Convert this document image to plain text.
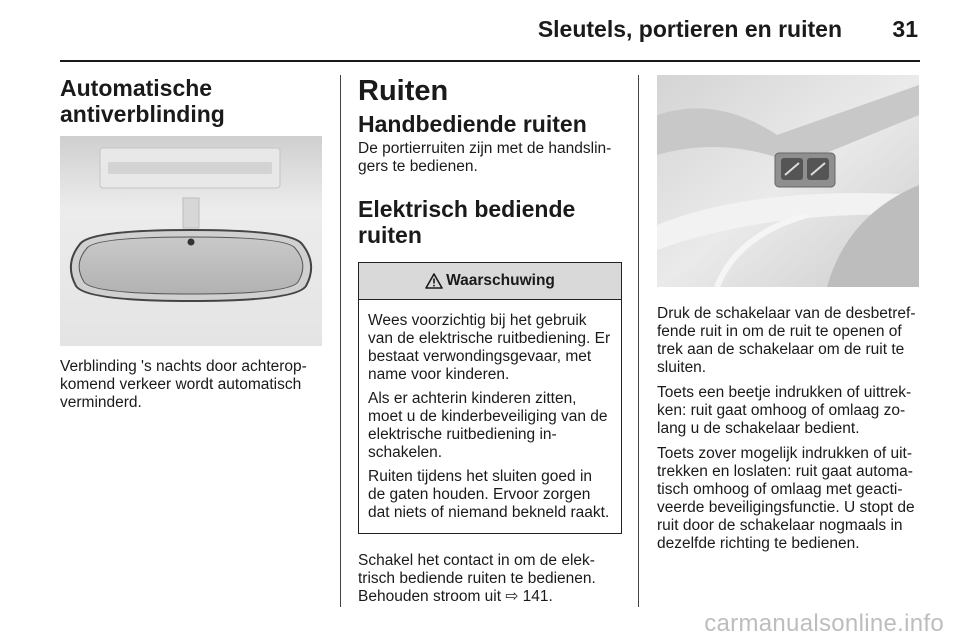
Sleutels, portieren en ruiten 31
Automatische
antiverblinding

Verblinding 's nachts door achterop-komend verkeer wordt automatisch verminderd.

Ruiten
Handbediende ruiten

De portierruiten zijn met de handslin-gers te bedienen.

Elektrisch bediende ruiten
Waarschuwing

Wees voorzichtig bij het gebruik van de elektrische ruitbediening. Er bestaat verwondingsgevaar, met name voor kinderen.

Als er achterin kinderen zitten, moet u de kinderbeveiliging van de elektrische ruitbediening in-schakelen.

Ruiten tijdens het sluiten goed in de gaten houden. Ervoor zorgen dat niets of niemand bekneld raakt.

Schakel het contact in om de elek-trisch bediende ruiten te bedienen.

Behouden stroom uit ⇨ 141.

Druk de schakelaar van de desbetref-fende ruit in om de ruit te openen of trek aan de schakelaar om de ruit te sluiten.

Toets een beetje indrukken of uittrek-ken: ruit gaat omhoog of omlaag zo-lang u de schakelaar bedient.

Toets zover mogelijk indrukken of uit-trekken en loslaten: ruit gaat automa-tisch omhoog of omlaag met geacti-veerde beveiligingsfunctie. U stopt de ruit door de schakelaar nogmaals in dezelfde richting te bedienen.

carmanualsonline.info
